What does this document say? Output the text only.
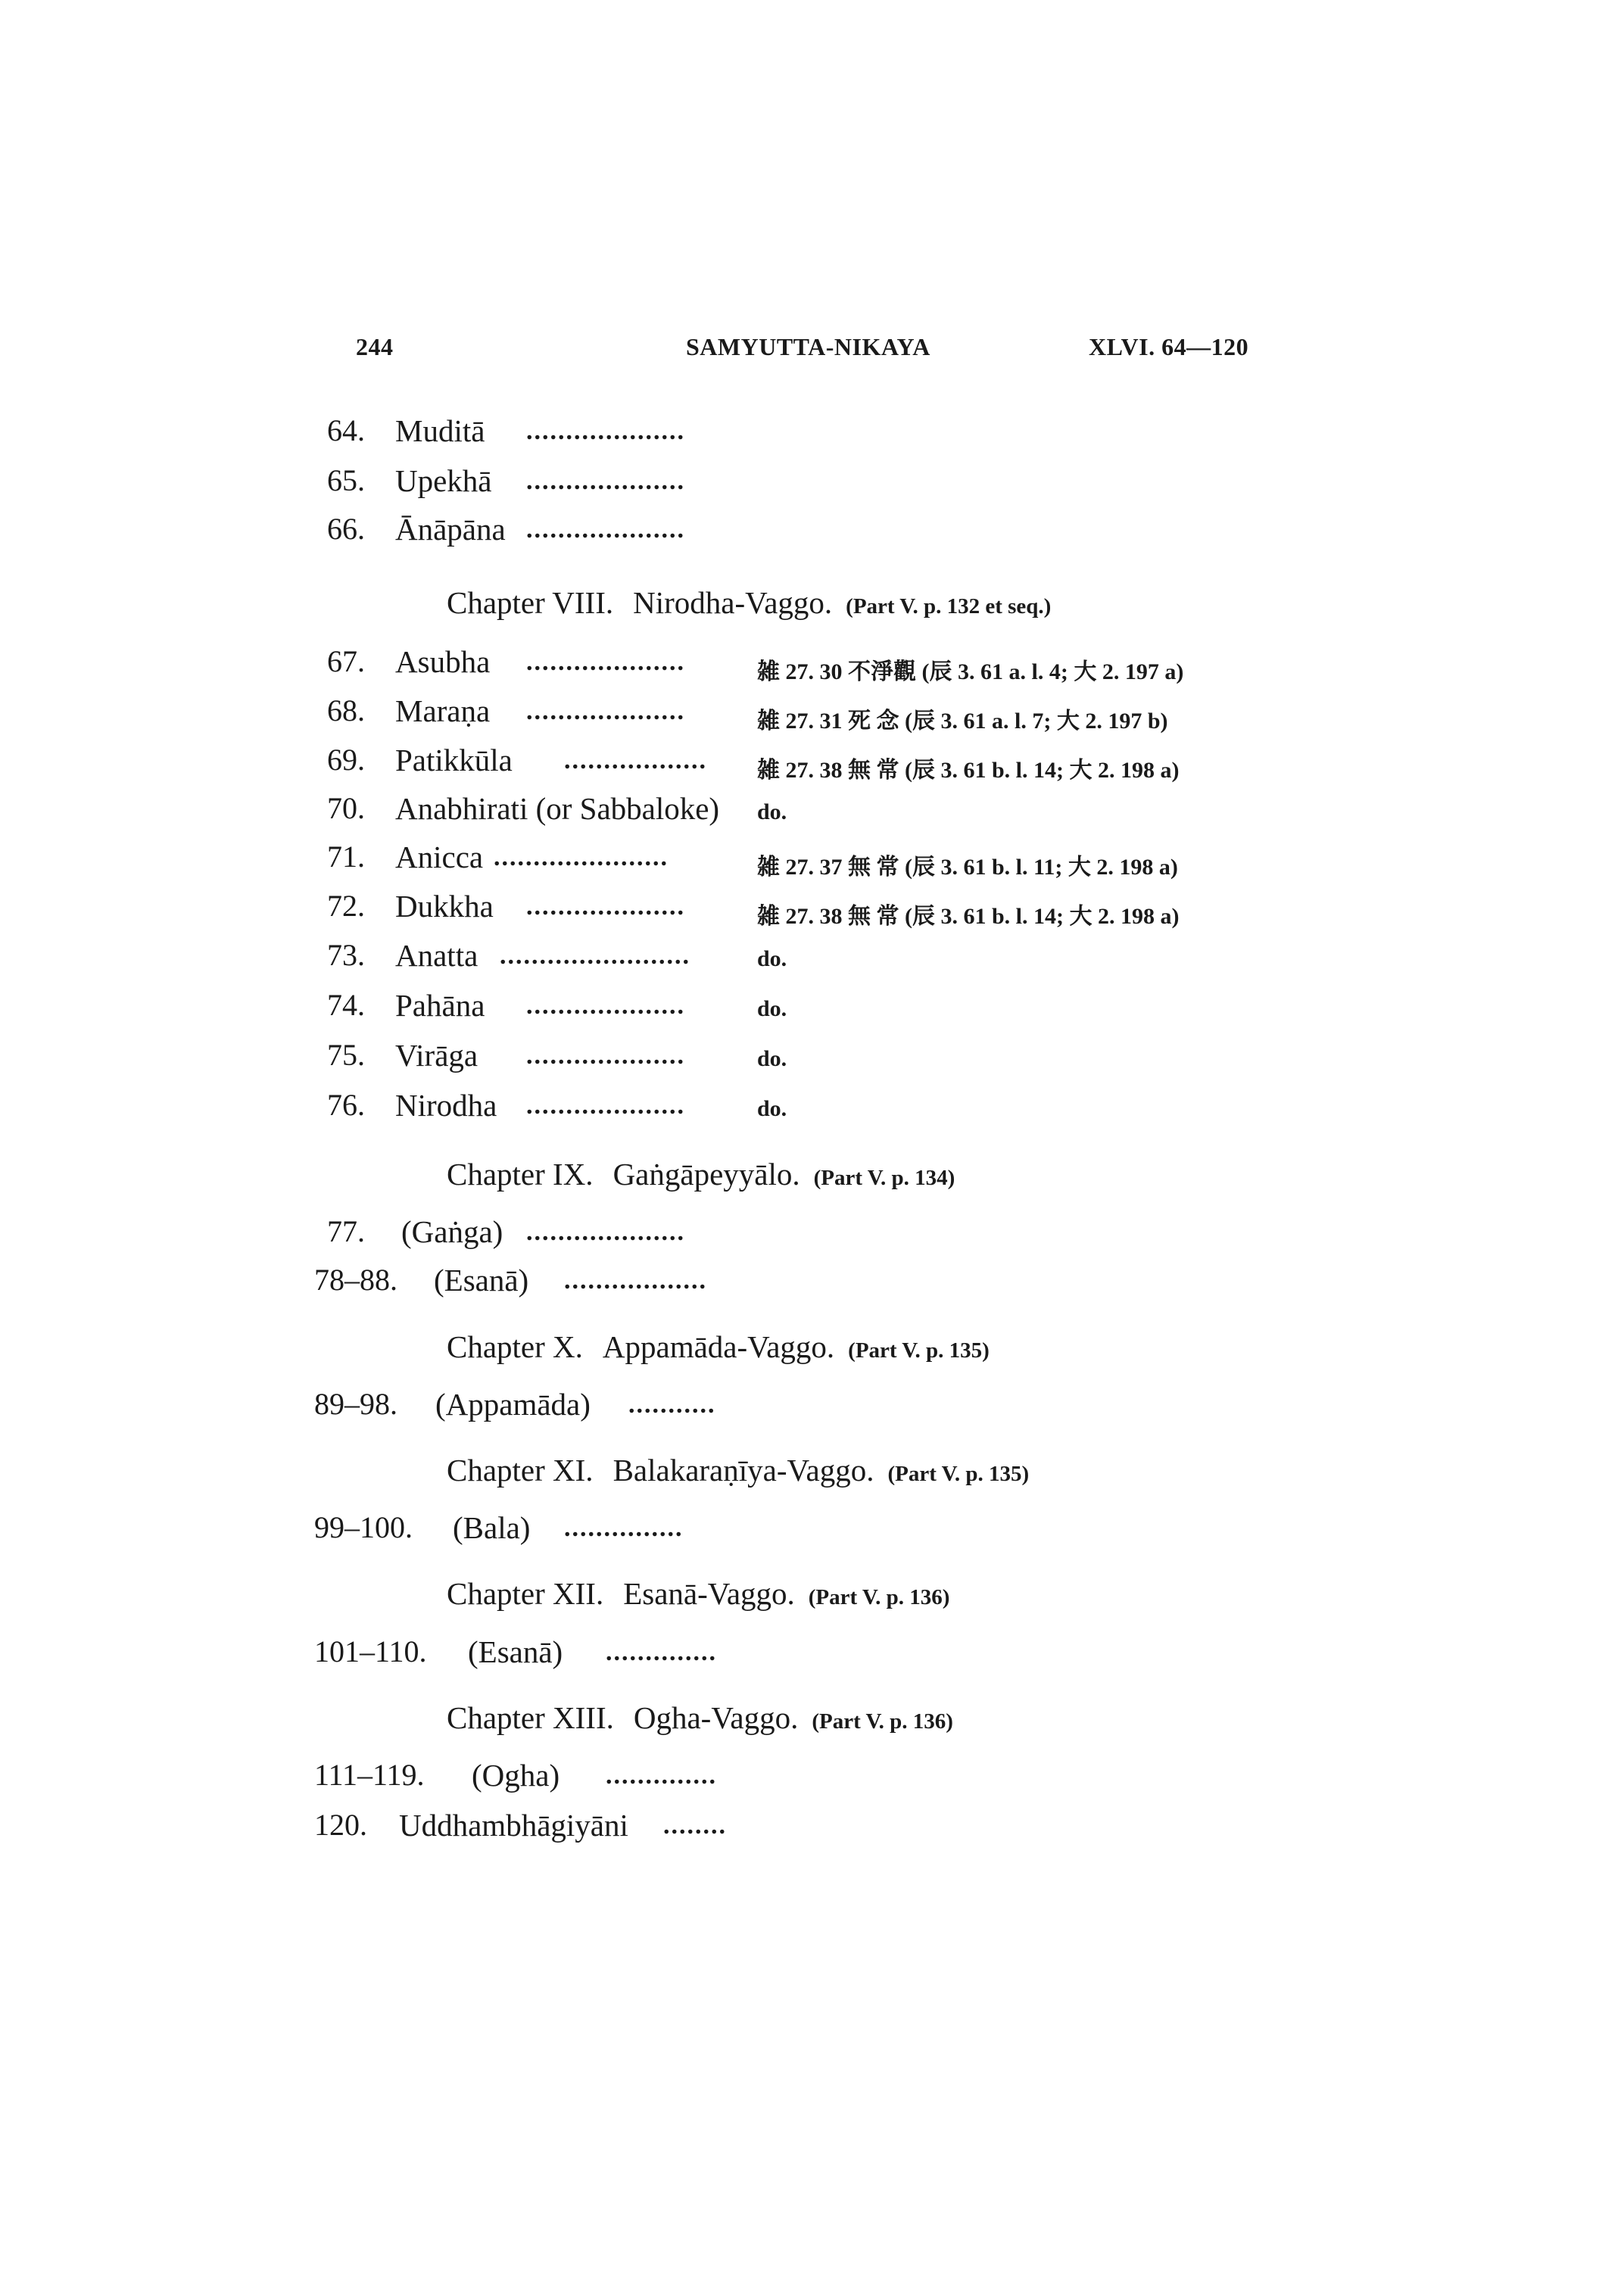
244	SAMYUTTA-NIKAYA	XLVI. 64—120
64. Muditā ....................
65. Upekhā ....................
66. Ānāpāna ....................
Chapter VIII. Nirodha-Vaggo. (Part V. p. 132 et seq.)
67. Asubha ....................	雑 27. 30 不淨觀 (辰 3. 61 a. l. 4; 大 2. 197 a)
68. Maraṇa ....................	雑 27. 31 死 念 (辰 3. 61 a. l. 7; 大 2. 197 b)
69. Patikkūla .................. 雑 27. 38 無 常 (辰 3. 61 b. l. 14; 大 2. 198 a)
70. Anabhirati (or Sabbaloke) do.
71. Anicca ......................	雑 27. 37 無 常 (辰 3. 61 b. l. 11; 大 2. 198 a)
72. Dukkha ....................	雑 27. 38 無 常 (辰 3. 61 b. l. 14; 大 2. 198 a)
73. Anatta ........................	do.
74. Pahāna ....................	do.
75. Virāga ....................	do.
76. Nirodha ....................	do.
Chapter IX. Gaṅgāpeyyālo. (Part V. p. 134)
77. (Gaṅga) ....................
78–88. (Esanā) ..................
Chapter X. Appamāda-Vaggo. (Part V. p. 135)
89–98. (Appamāda) ...........
Chapter XI. Balakaraṇīya-Vaggo. (Part V. p. 135)
99–100. (Bala) ...............
Chapter XII. Esanā-Vaggo. (Part V. p. 136)
101–110. (Esanā) ..............
Chapter XIII. Ogha-Vaggo. (Part V. p. 136)
111–119. (Ogha) ..............
120. Uddhambhāgiyāni ........
